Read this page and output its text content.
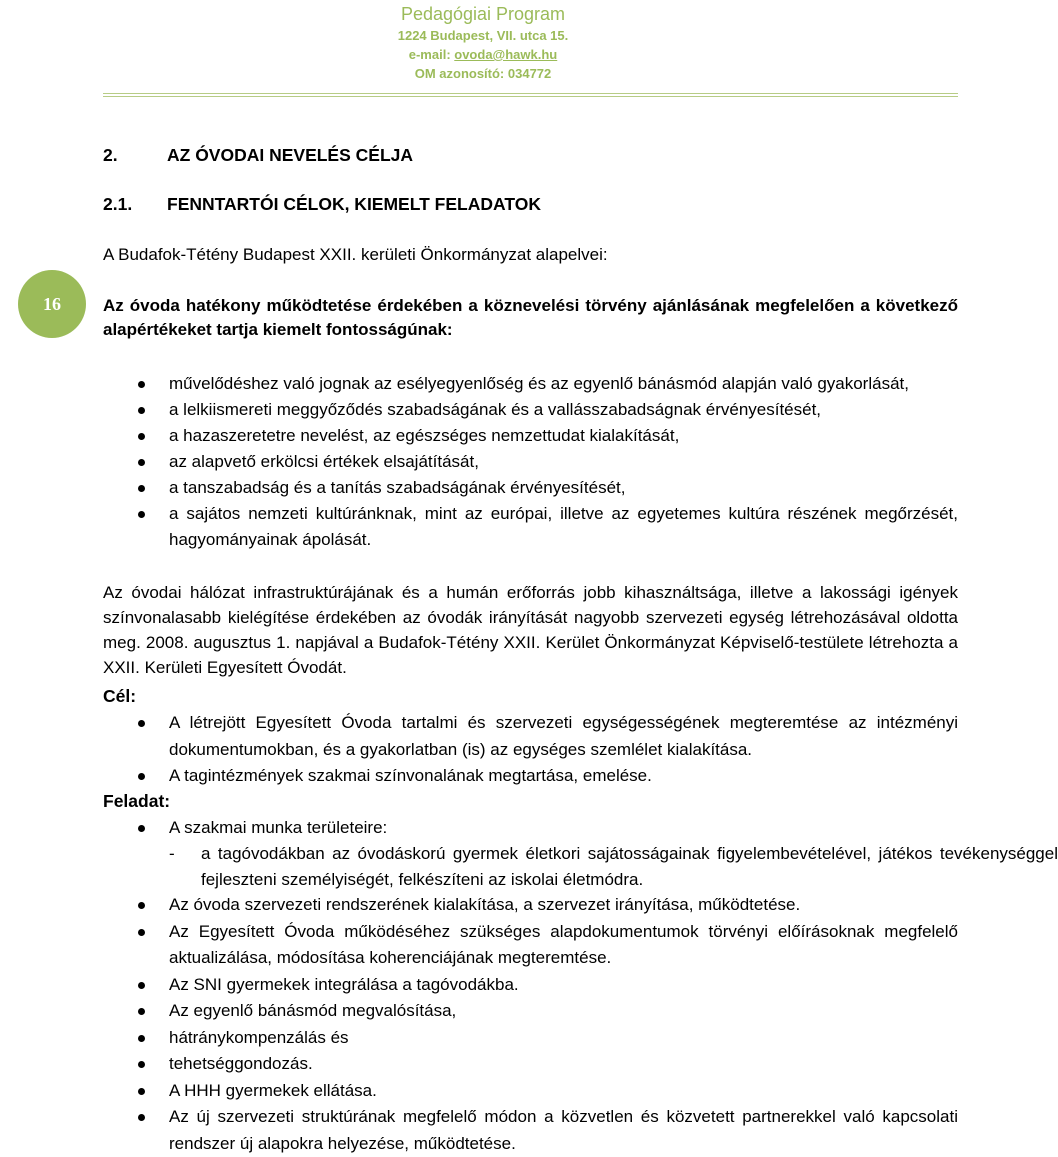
Pedagógiai Program
1224 Budapest, VII. utca 15.
e-mail: ovoda@hawk.hu
OM azonosító: 034772
16
2.	AZ ÓVODAI NEVELÉS CÉLJA
2.1. FENNTARTÓI CÉLOK, KIEMELT FELADATOK
A Budafok-Tétény Budapest XXII. kerületi Önkormányzat alapelvei:
Az óvoda hatékony működtetése érdekében a köznevelési törvény ajánlásának megfelelően a következő alapértékeket tartja kiemelt fontosságúnak:
művelődéshez való jognak az esélyegyenlőség és az egyenlő bánásmód alapján való gyakorlását,
a lelkiismereti meggyőződés szabadságának és a vallásszabadságnak érvényesítését,
a hazaszeretetre nevelést, az egészséges nemzettudat kialakítását,
az alapvető erkölcsi értékek elsajátítását,
a tanszabadság és a tanítás szabadságának érvényesítését,
a sajátos nemzeti kultúránknak, mint az európai, illetve az egyetemes kultúra részének megőrzését, hagyományainak ápolását.
Az óvodai hálózat infrastruktúrájának és a humán erőforrás jobb kihasználtsága, illetve a lakossági igények színvonalasabb kielégítése érdekében az óvodák irányítását nagyobb szervezeti egység létrehozásával oldotta meg. 2008. augusztus 1. napjával a Budafok-Tétény XXII. Kerület Önkormányzat Képviselő-testülete létrehozta a XXII. Kerületi Egyesített Óvodát.
Cél:
A létrejött Egyesített Óvoda tartalmi és szervezeti egységességének megteremtése az intézményi dokumentumokban, és a gyakorlatban (is) az egységes szemlélet kialakítása.
A tagintézmények szakmai színvonalának megtartása, emelése.
Feladat:
A szakmai munka területeire:
- a tagóvodákban az óvodáskorú gyermek életkori sajátosságainak figyelembevételével, játékos tevékenységgel fejleszteni személyiségét, felkészíteni az iskolai életmódra.
Az óvoda szervezeti rendszerének kialakítása, a szervezet irányítása, működtetése.
Az Egyesített Óvoda működéséhez szükséges alapdokumentumok törvényi előírásoknak megfelelő aktualizálása, módosítása koherenciájának megteremtése.
Az SNI gyermekek integrálása a tagóvodákba.
Az egyenlő bánásmód megvalósítása,
hátránykompenzálás és
tehetséggondozás.
A HHH gyermekek ellátása.
Az új szervezeti struktúrának megfelelő módon a közvetlen és közvetett partnerekkel való kapcsolati rendszer új alapokra helyezése, működtetése.
